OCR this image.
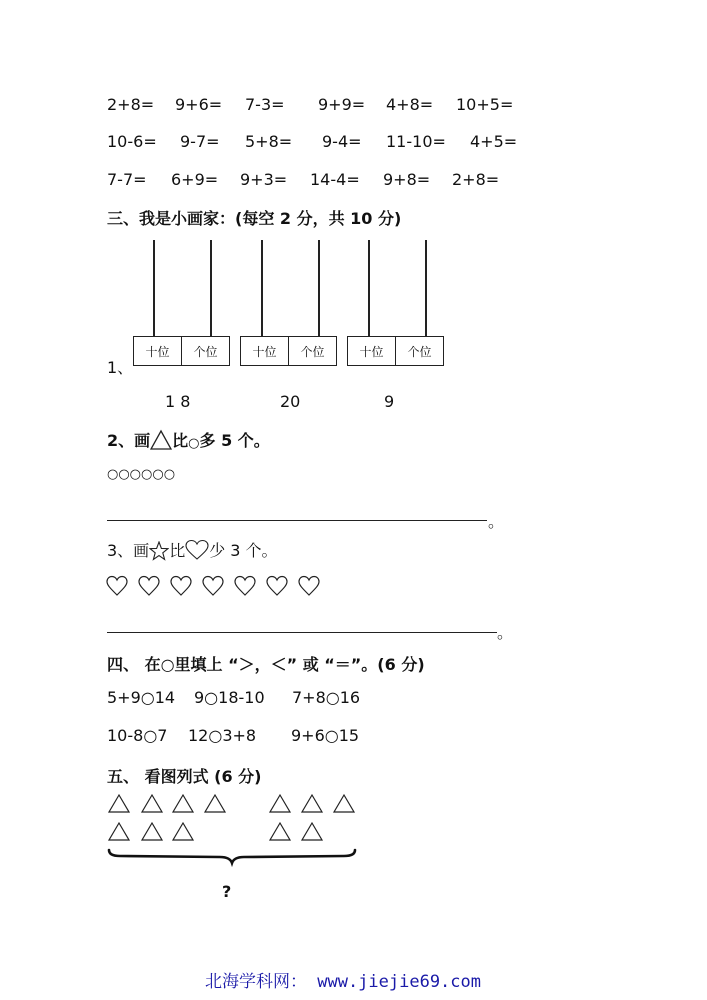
2+8= 9+6= 7-3= 9+9= 4+8= 10+5=
10-6= 9-7= 5+8= 9-4= 11-10= 4+5=
7-7= 6+9= 9+3= 14-4= 9+8= 2+8=
三、我是小画家：(每空 2 分，共 10 分)
1、
十位	个位
1 8
十位	个位
20
十位	个位
9
2、画 比 ○ 多 5 个。
○○○○○○
。
3、画 比 少 3 个。
。
四、 在○里填上 “＞，＜” 或 “＝”。(6 分)
5+9○14 9○18-10 7+8○16
10-8○7 12○3+8 9+6○15
五、 看图列式 (6 分)
?
北海学科网： www.jiejie69.com
